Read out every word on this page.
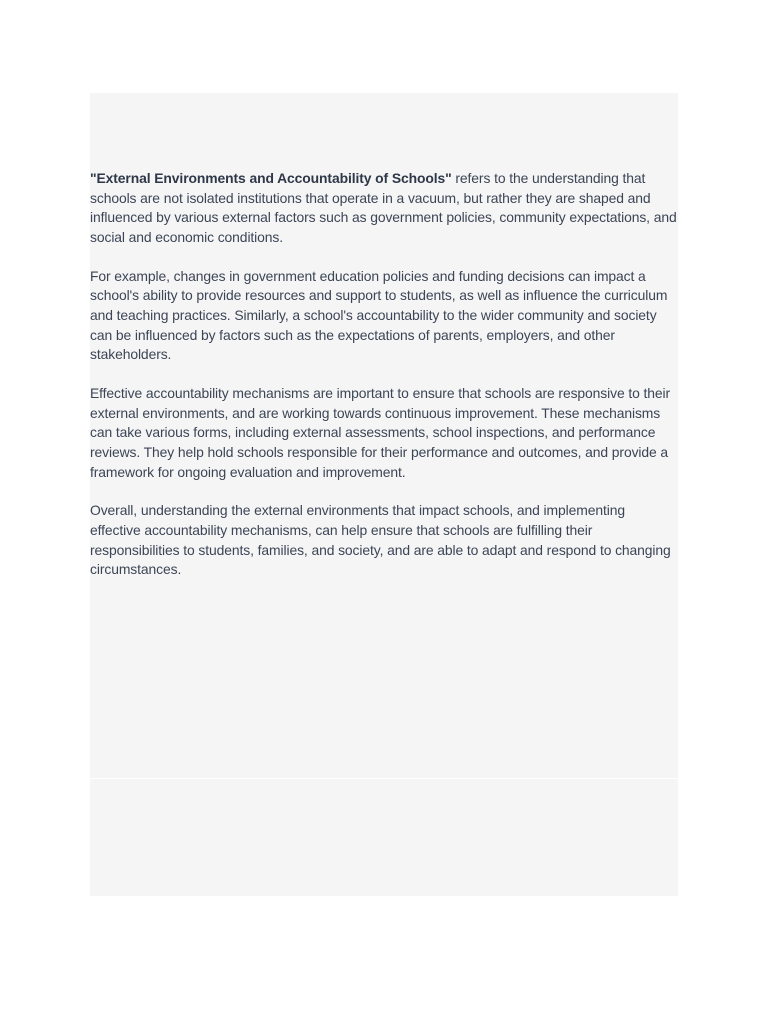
"External Environments and Accountability of Schools" refers to the understanding that schools are not isolated institutions that operate in a vacuum, but rather they are shaped and influenced by various external factors such as government policies, community expectations, and social and economic conditions.

For example, changes in government education policies and funding decisions can impact a school's ability to provide resources and support to students, as well as influence the curriculum and teaching practices. Similarly, a school's accountability to the wider community and society can be influenced by factors such as the expectations of parents, employers, and other stakeholders.

Effective accountability mechanisms are important to ensure that schools are responsive to their external environments, and are working towards continuous improvement. These mechanisms can take various forms, including external assessments, school inspections, and performance reviews. They help hold schools responsible for their performance and outcomes, and provide a framework for ongoing evaluation and improvement.

Overall, understanding the external environments that impact schools, and implementing effective accountability mechanisms, can help ensure that schools are fulfilling their responsibilities to students, families, and society, and are able to adapt and respond to changing circumstances.
